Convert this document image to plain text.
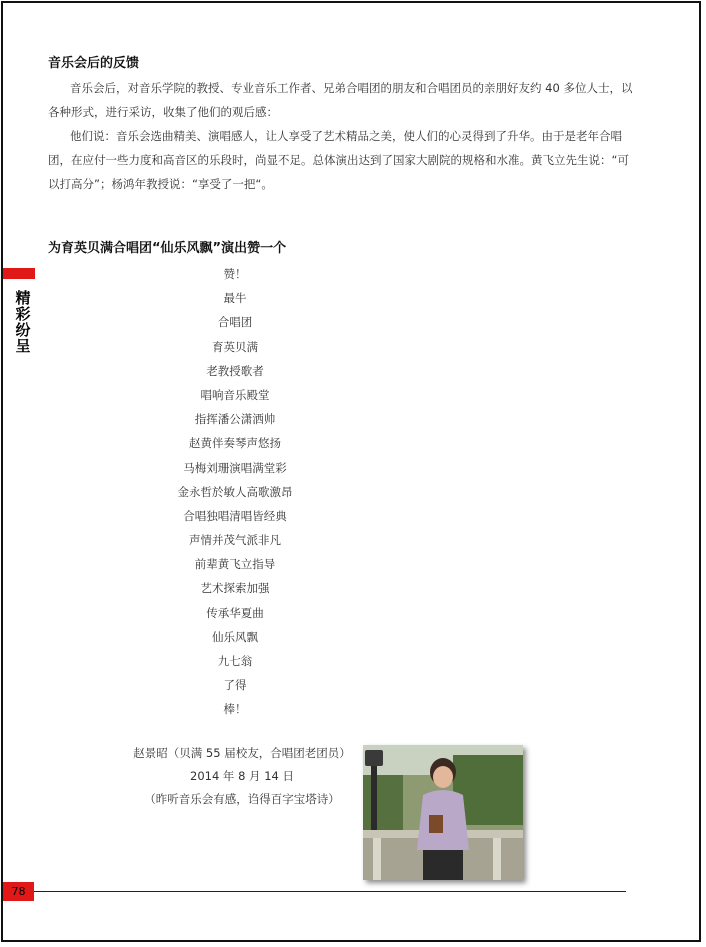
音乐会后的反馈
音乐会后，对音乐学院的教授、专业音乐工作者、兄弟合唱团的朋友和合唱团员的亲朋好友约 40 多位人士，以各种形式，进行采访，收集了他们的观后感：
他们说：音乐会选曲精美、演唱感人，让人享受了艺术精品之美，使人们的心灵得到了升华。由于是老年合唱团，在应付一些力度和高音区的乐段时，尚显不足。总体演出达到了国家大剧院的规格和水准。黄飞立先生说：“可以打高分”；杨鸿年教授说：“享受了一把“。
为育英贝满合唱团“仙乐风飘”演出赞一个
精彩纷呈
赞！
最牛
合唱团
育英贝满
老教授歌者
唱响音乐殿堂
指挥潘公潇洒帅
赵黄伴奏琴声悠扬
马梅刘珊演唱满堂彩
金永哲於敏人高歌激昂
合唱独唱清唱皆经典
声情并茂气派非凡
前辈黄飞立指导
艺术探索加强
传承华夏曲
仙乐风飘
九七翁
了得
棒！
赵景昭（贝满 55 届校友，合唱团老团员）
2014 年 8 月 14 日
（昨听音乐会有感，诌得百字宝塔诗）
78
